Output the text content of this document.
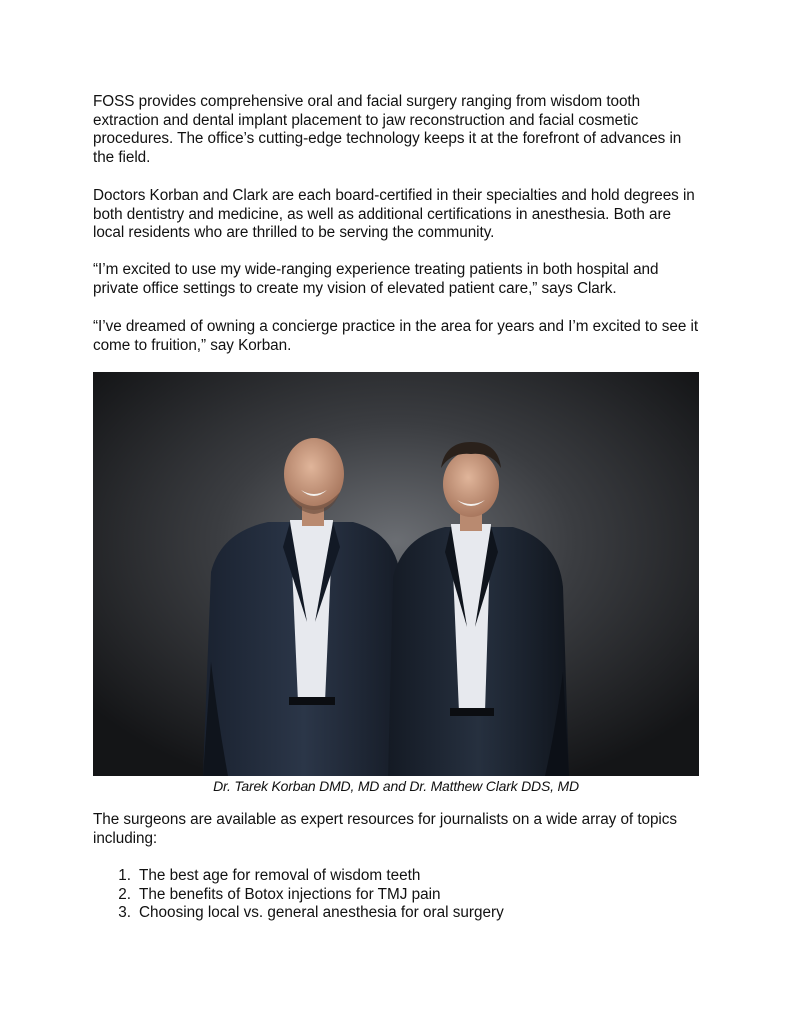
FOSS provides comprehensive oral and facial surgery ranging from wisdom tooth extraction and dental implant placement to jaw reconstruction and facial cosmetic procedures. The office’s cutting-edge technology keeps it at the forefront of advances in the field.

Doctors Korban and Clark are each board-certified in their specialties and hold degrees in both dentistry and medicine, as well as additional certifications in anesthesia. Both are local residents who are thrilled to be serving the community.

“I’m excited to use my wide-ranging experience treating patients in both hospital and private office settings to create my vision of elevated patient care,” says Clark.

“I’ve dreamed of owning a concierge practice in the area for years and I’m excited to see it come to fruition,” say Korban.

Dr. Tarek Korban DMD, MD and Dr. Matthew Clark DDS, MD

The surgeons are available as expert resources for journalists on a wide array of topics including:

1. The best age for removal of wisdom teeth
2. The benefits of Botox injections for TMJ pain
3. Choosing local vs. general anesthesia for oral surgery
